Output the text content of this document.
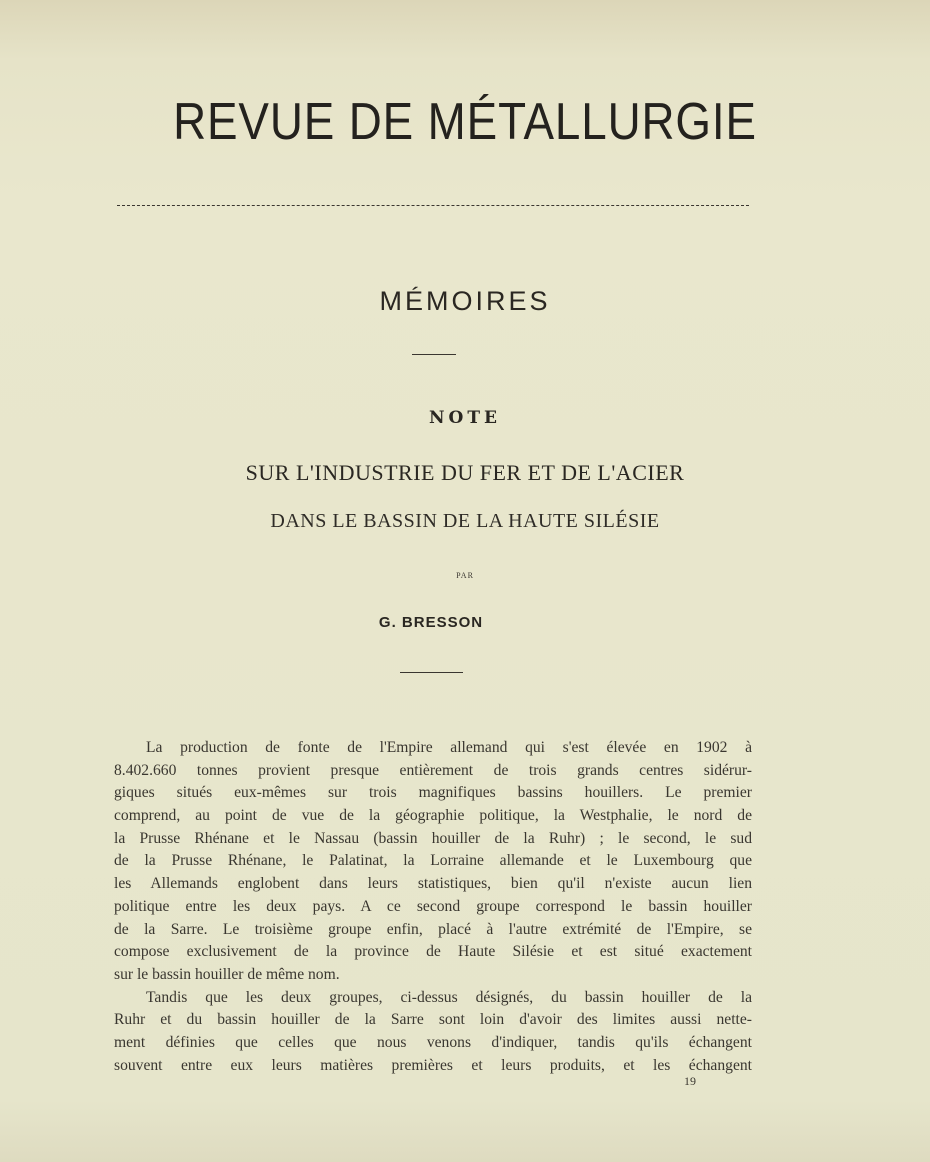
REVUE DE MÉTALLURGIE
MÉMOIRES
NOTE
SUR L'INDUSTRIE DU FER ET DE L'ACIER
DANS LE BASSIN DE LA HAUTE SILÉSIE
PAR
G. BRESSON
La production de fonte de l'Empire allemand qui s'est élevée en 1902 à
8.402.660 tonnes provient presque entièrement de trois grands centres sidérur-
giques situés eux-mêmes sur trois magnifiques bassins houillers. Le premier
comprend, au point de vue de la géographie politique, la Westphalie, le nord de
la Prusse Rhénane et le Nassau (bassin houiller de la Ruhr) ; le second, le sud
de la Prusse Rhénane, le Palatinat, la Lorraine allemande et le Luxembourg que
les Allemands englobent dans leurs statistiques, bien qu'il n'existe aucun lien
politique entre les deux pays. A ce second groupe correspond le bassin houiller
de la Sarre. Le troisième groupe enfin, placé à l'autre extrémité de l'Empire, se
compose exclusivement de la province de Haute Silésie et est situé exactement
sur le bassin houiller de même nom.
Tandis que les deux groupes, ci-dessus désignés, du bassin houiller de la
Ruhr et du bassin houiller de la Sarre sont loin d'avoir des limites aussi nette-
ment définies que celles que nous venons d'indiquer, tandis qu'ils échangent
souvent entre eux leurs matières premières et leurs produits, et les échangent
19
